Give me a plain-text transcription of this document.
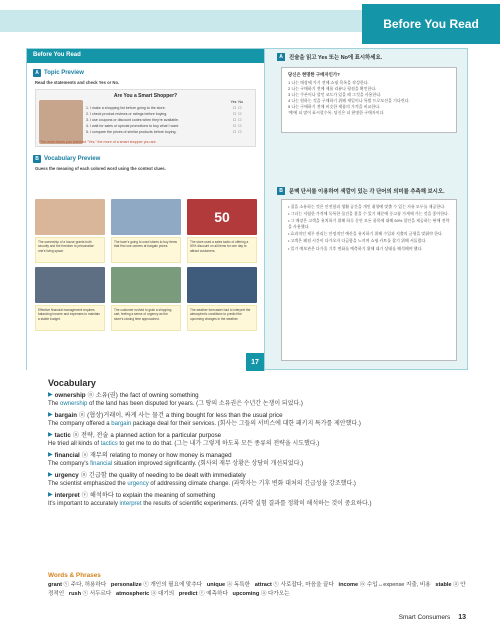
Before You Read
Before You Read
A Topic Preview
Read the statements and check Yes or No.
Are You a Smart Shopper?
Yes No
1. I make a shopping list before going to the store.	☐☐
2. I check product reviews or ratings before buying.	☐☐
3. I use coupons or discount codes when they're available.	☐☐
4. I wait for sales or special promotions to buy what I want.	☐☐
5. I compare the prices of similar products before buying.	☐☐
The more times you checked "Yes," the more of a smart shopper you are.
B Vocabulary Preview
Guess the meaning of each colored word using the context clues.
50
The ownership of a house grants both security and the freedom to personalize one's living space.
The town's going to used stores to buy items that find one-owners at bargain prices.
The store used a sales tactic of offering a 50% discount on all items for one day to attract customers.
Effective financial management requires balancing income and expenses to maintain a stable budget.
The customer rushed to grab a shopping cart, feeling a sense of urgency as the store's closing time approached.
The weather forecaster had to interpret the atmospheric conditions to predict the upcoming changes in the weather.
17
A	진술을 읽고 Yes 또는 No에 표시하세요.
당신은 현명한 구매자인가?
1 나는 매장에 가기 전에 쇼핑 목록을 작성한다.
2 나는 구매하기 전에 제품 리뷰나 평점을 확인한다.
3 나는 쿠폰이나 할인 코드가 있을 때 그것을 사용한다.
4 나는 원하는 것을 구매하기 위해 세일이나 특별 프로모션을 기다린다.
5 나는 구매하기 전에 비슷한 제품의 가격을 비교한다.
'예'에 더 많이 표시할수록, 당신은 더 현명한 구매자이다.
B	문맥 단서를 이용하여 색깔이 있는 각 단어의 의미를 추측해 보시오.
• 집을 소유하는 것은 안전함과 생활 공간을 개인 취향에 맞출 수 있는 자유 모두를 제공한다.
• 그녀는 저렴한 가격에 독특한 물건을 찾을 수 있기 때문에 중고품 가게에 가는 것을 좋아한다.
• 그 매장은 고객을 유치하기 위해 하루 동안 모든 품목에 대해 50% 할인을 제공하는 판매 전략을 사용했다.
• 효과적인 재무 관리는 안정적인 예산을 유지하기 위해 수입과 지출의 균형을 맞춰야 한다.
• 고객은 폐점 시간이 다가오자 다급함을 느끼며 쇼핑 카트를 잡기 위해 서둘렀다.
• 일기 예보관은 다가올 기후 변화를 예측하기 위해 대기 상태를 해석해야 했다.
Vocabulary
▶ ownership ⓝ 소유(권) the fact of owning something
The ownership of the land has been disputed for years. (그 땅의 소유권은 수년간 논쟁이 되었다.)
▶ bargain ⓝ (협상)거래이, 싸게 사는 물건 a thing bought for less than the usual price
The company offered a bargain package deal for their services. (회사는 그들의 서비스에 대한 패키지 특가를 제안했다.)
▶ tactic ⓝ 전략, 전술 a planned action for a particular purpose
He tried all kinds of tactics to get me to do that. (그는 내가 그렇게 하도록 모든 종류의 전략을 시도했다.)
▶ financial ⓐ 재무의 relating to money or how money is managed
The company's financial situation improved significantly. (회사의 재무 상황은 상당히 개선되었다.)
▶ urgency ⓝ 긴급함 the quality of needing to be dealt with immediately
The scientist emphasized the urgency of addressing climate change. (과학자는 기후 변화 대처의 긴급성을 강조했다.)
▶ interpret ⓥ 해석하다 to explain the meaning of something
It's important to accurately interpret the results of scientific experiments. (과학 실험 결과를 정확히 해석하는 것이 중요하다.)
Words & Phrases
grant ⓥ 주다, 허용하다 personalize ⓥ 개인의 필요에 맞추다 unique ⓐ 독특한 attract ⓥ 사로잡다, 마음을 끌다 income ⓝ 수입↔expense 지출, 비용 stable ⓐ 안정적인 rush ⓥ 서두르다 atmospheric ⓐ 대기의 predict ⓥ 예측하다 upcoming ⓐ 다가오는
Smart Consumers 13
